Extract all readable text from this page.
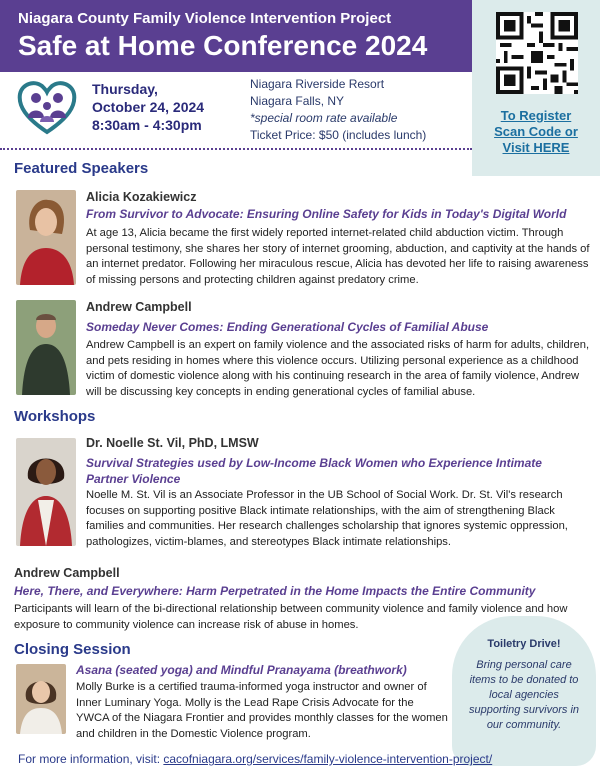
Niagara County Family Violence Intervention Project
Safe at Home Conference 2024
To Register Scan Code or Visit HERE
Thursday,
October 24, 2024
8:30am - 4:30pm
Niagara Riverside Resort
Niagara Falls, NY
*special room rate available
Ticket Price: $50 (includes lunch)
Featured Speakers
Alicia Kozakiewicz
From Survivor to Advocate: Ensuring Online Safety for Kids in Today's Digital World
At age 13, Alicia became the first widely reported internet-related child abduction victim. Through personal testimony, she shares her story of internet grooming, abduction, and captivity at the hands of an internet predator. Following her miraculous rescue, Alicia has devoted her life to raising awareness of missing persons and protecting children against predatory crime.
Andrew Campbell
Someday Never Comes: Ending Generational Cycles of Familial Abuse
Andrew Campbell is an expert on family violence and the associated risks of harm for adults, children, and pets residing in homes where this violence occurs. Utilizing personal experience as a childhood victim of domestic violence along with his continuing research in the area of family violence, Andrew will be discussing key concepts in ending generational cycles of familial abuse.
Workshops
Dr. Noelle St. Vil, PhD, LMSW
Survival Strategies used by Low-Income Black Women who Experience Intimate Partner Violence
Noelle M. St. Vil is an Associate Professor in the UB School of Social Work. Dr. St. Vil's research focuses on supporting positive Black intimate relationships, with the aim of strengthening Black families and communities. Her research challenges scholarship that ignores systemic oppression, pathologizes, victim-blames, and stereotypes Black intimate relationships.
Andrew Campbell
Here, There, and Everywhere: Harm Perpetrated in the Home Impacts the Entire Community
Participants will learn of the bi-directional relationship between community violence and family violence and how exposure to community violence can increase risk of abuse in homes.
Closing Session
Asana (seated yoga) and Mindful Pranayama (breathwork)
Molly Burke is a certified trauma-informed yoga instructor and owner of Inner Luminary Yoga. Molly is the Lead Rape Crisis Advocate for the YWCA of the Niagara Frontier and provides monthly classes for the women and children in the Domestic Violence program.
Toiletry Drive!
Bring personal care items to be donated to local agencies supporting survivors in our community.
For more information, visit: cacofniagara.org/services/family-violence-intervention-project/
